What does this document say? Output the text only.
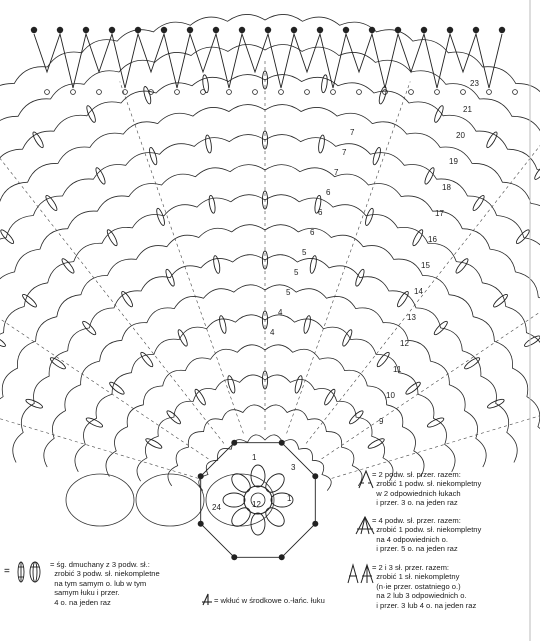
23
21
20
19
18
17
16
15
14
13
12
11
10
9
7
7
7
6
6
6
5
5
5
4
4
12
24
1
1
3
=
= śg. dmuchany z 3 podw. sł.:
zrobić 3 podw. sł. niekompletne
na tym samym o. lub w tym
samym łuku i przer.
4 o. na jeden raz	= wkłuć w środkowe o.-łańc. łuku
= 2 podw. sł. przer. razem:
zrobić 1 podw. sł. niekompletny
w 2 odpowiednich łukach
i przer. 3 o. na jeden raz
= 4 podw. sł. przer. razem:
zrobić 1 podw. sł. niekompletny
na 4 odpowiednich o.
i przer. 5 o. na jeden raz
= 2 i 3 sł. przer. razem:
zrobić 1 sł. niekompletny
(n·ie przer. ostatniego o.)
na 2 lub 3 odpowiednich o.
i przer. 3 lub 4 o. na jeden raz
